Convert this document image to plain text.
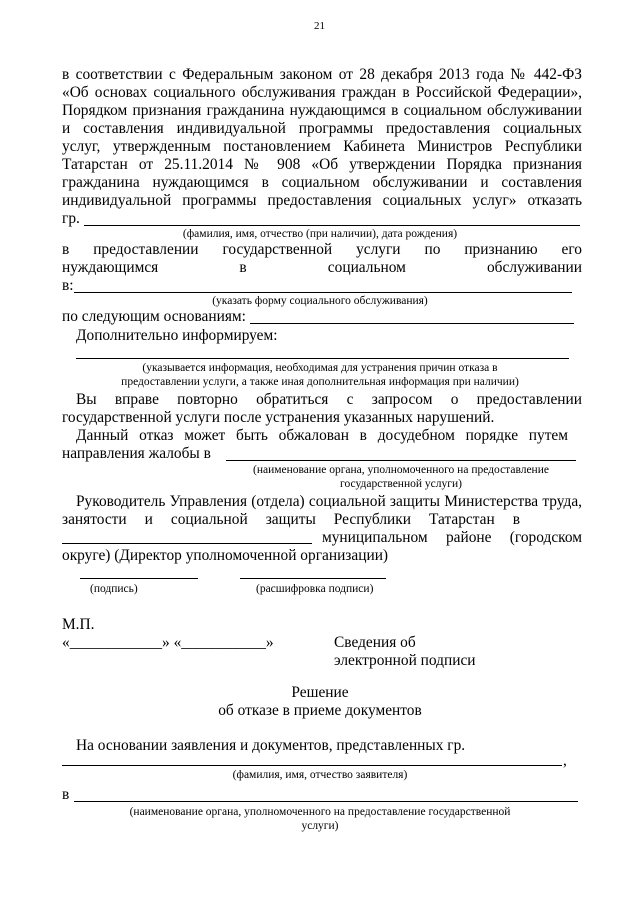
21
в соответствии с Федеральным законом от 28 декабря 2013 года № 442-ФЗ
«Об основах социального обслуживания граждан в Российской Федерации»,
Порядком признания гражданина нуждающимся в социальном обслуживании
и составления индивидуальной программы предоставления социальных
услуг, утвержденным постановлением Кабинета Министров Республики
Татарстан от 25.11.2014 № 908 «Об утверждении Порядка признания
гражданина нуждающимся в социальном обслуживании и составления
индивидуальной программы предоставления социальных услуг» отказать
гр.
(фамилия, имя, отчество (при наличии), дата рождения)
в предоставлении государственной услуги по признанию его
нуждающимся в социальном обслуживании
в:
(указать форму социального обслуживания)
по следующим основаниям:
Дополнительно информируем:
(указывается информация, необходимая для устранения причин отказа в
предоставлении услуги, а также иная дополнительная информация при наличии)
Вы вправе повторно обратиться с запросом о предоставлении
государственной услуги после устранения указанных нарушений.
Данный отказ может быть обжалован в досудебном порядке путем
направления жалобы в
(наименование органа, уполномоченного на предоставление
государственной услуги)
Руководитель Управления (отдела) социальной защиты Министерства труда,
занятости и социальной защиты Республики Татарстан в
муниципальном районе (городском
округе) (Директор уполномоченной организации)
(подпись)	(расшифровка подписи)
М.П.
«____________» «___________»	Сведения об
электронной подписи
Решение
об отказе в приеме документов
На основании заявления и документов, представленных гр.
,
(фамилия, имя, отчество заявителя)
в
(наименование органа, уполномоченного на предоставление государственной
услуги)
